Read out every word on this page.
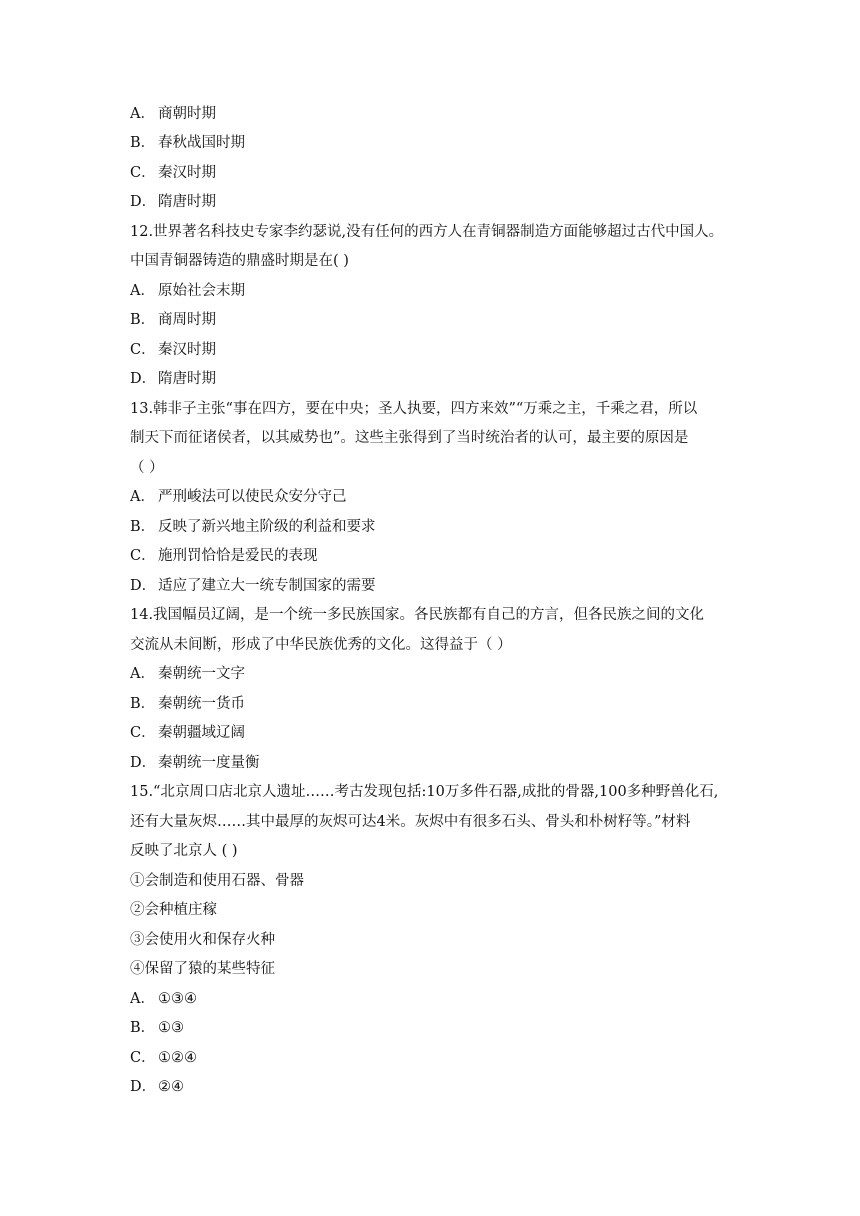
A． 商朝时期
B． 春秋战国时期
C． 秦汉时期
D． 隋唐时期
12.世界著名科技史专家李约瑟说,没有任何的西方人在青铜器制造方面能够超过古代中国人。
中国青铜器铸造的鼎盛时期是在( )
A． 原始社会末期
B． 商周时期
C． 秦汉时期
D． 隋唐时期
13.韩非子主张“事在四方，要在中央；圣人执要，四方来效”“万乘之主，千乘之君，所以
制天下而征诸侯者，以其威势也”。这些主张得到了当时统治者的认可，最主要的原因是
（ ）
A． 严刑峻法可以使民众安分守己
B． 反映了新兴地主阶级的利益和要求
C． 施刑罚恰恰是爱民的表现
D． 适应了建立大一统专制国家的需要
14.我国幅员辽阔，是一个统一多民族国家。各民族都有自己的方言，但各民族之间的文化
交流从未间断，形成了中华民族优秀的文化。这得益于（ ）
A． 秦朝统一文字
B． 秦朝统一货币
C． 秦朝疆域辽阔
D． 秦朝统一度量衡
15.“北京周口店北京人遗址……考古发现包括:10万多件石器,成批的骨器,100多种野兽化石,
还有大量灰烬……其中最厚的灰烬可达4米。灰烬中有很多石头、骨头和朴树籽等。”材料
反映了北京人 ( )
①会制造和使用石器、骨器
②会种植庄稼
③会使用火和保存火种
④保留了猿的某些特征
A． ①③④
B． ①③
C． ①②④
D． ②④
